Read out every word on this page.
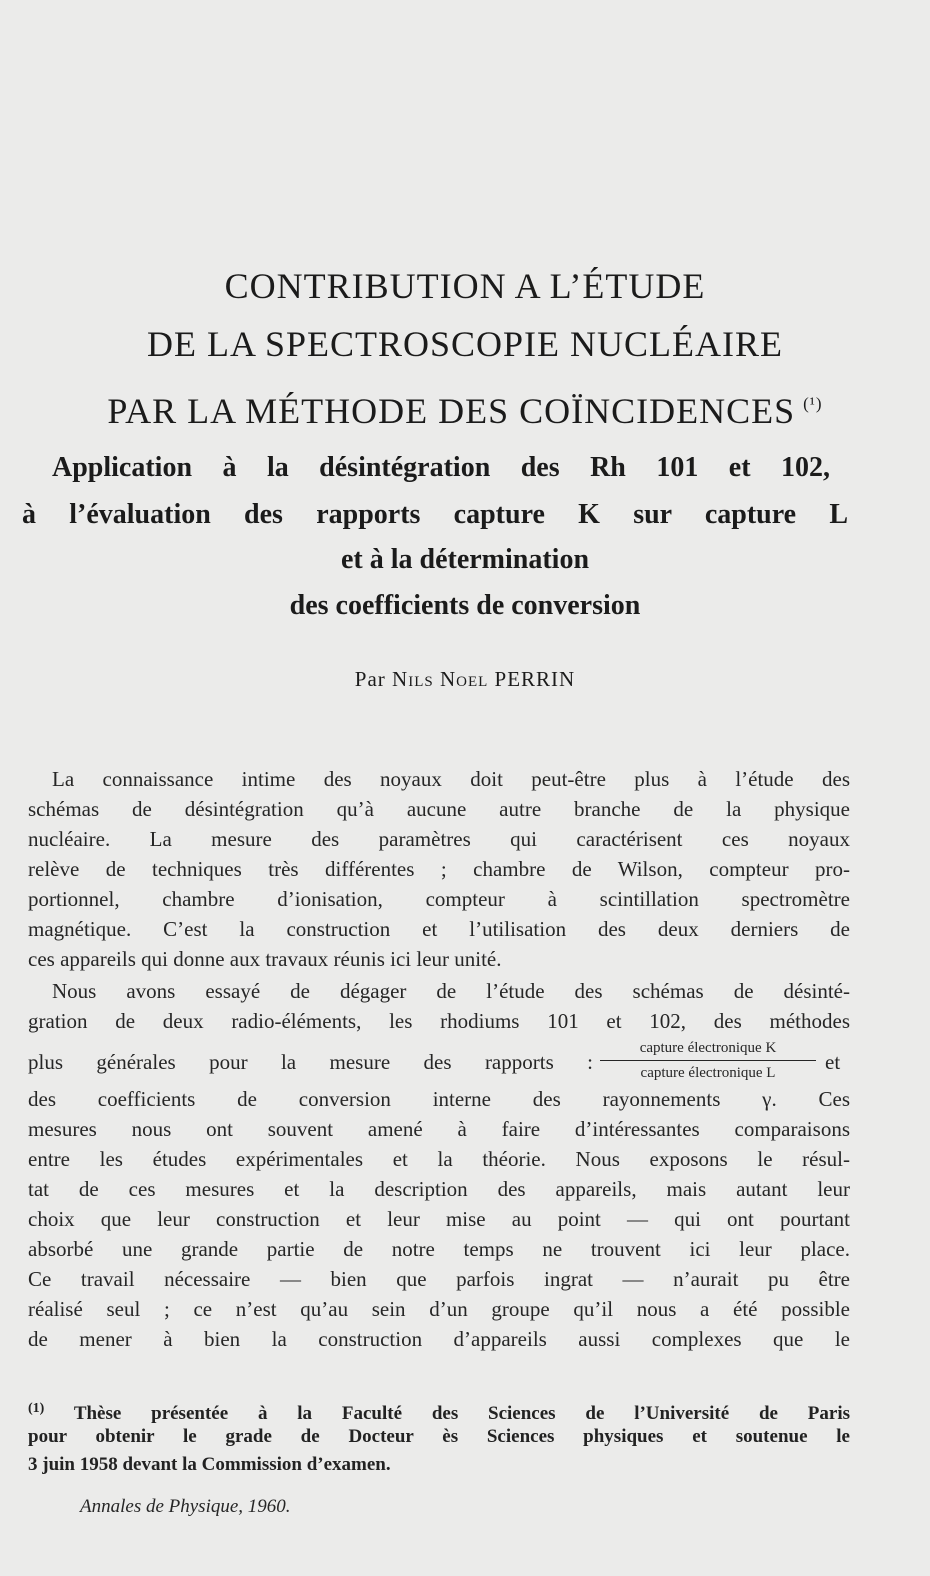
CONTRIBUTION A L’ÉTUDE
DE LA SPECTROSCOPIE NUCLÉAIRE
PAR LA MÉTHODE DES COÏNCIDENCES $^{(^1)}$
Application à la désintégration des Rh 101 et 102,
à l’évaluation des rapports capture K sur capture L
et à la détermination
des coefficients de conversion
Par Nils Noel PERRIN
La connaissance intime des noyaux doit peut-être plus à l’étude des
schémas de désintégration qu’à aucune autre branche de la physique
nucléaire. La mesure des paramètres qui caractérisent ces noyaux
relève de techniques très différentes ; chambre de Wilson, compteur pro-
portionnel, chambre d’ionisation, compteur à scintillation spectromètre
magnétique. C’est la construction et l’utilisation des deux derniers de
ces appareils qui donne aux travaux réunis ici leur unité.
Nous avons essayé de dégager de l’étude des schémas de désinté-
gration de deux radio-éléments, les rhodiums 101 et 102, des méthodes
plus générales pour la mesure des rapports :
capture électronique K
capture électronique L	et
des coefficients de conversion interne des rayonnements γ. Ces
mesures nous ont souvent amené à faire d’intéressantes comparaisons
entre les études expérimentales et la théorie. Nous exposons le résul-
tat de ces mesures et la description des appareils, mais autant leur
choix que leur construction et leur mise au point — qui ont pourtant
absorbé une grande partie de notre temps ne trouvent ici leur place.
Ce travail nécessaire — bien que parfois ingrat — n’aurait pu être
réalisé seul ; ce n’est qu’au sein d’un groupe qu’il nous a été possible
de mener à bien la construction d’appareils aussi complexes que le
$^{(1)}$ Thèse présentée à la Faculté des Sciences de l’Université de Paris
pour obtenir le grade de Docteur ès Sciences physiques et soutenue le
3 juin 1958 devant la Commission d’examen.
Annales de Physique, 1960.
